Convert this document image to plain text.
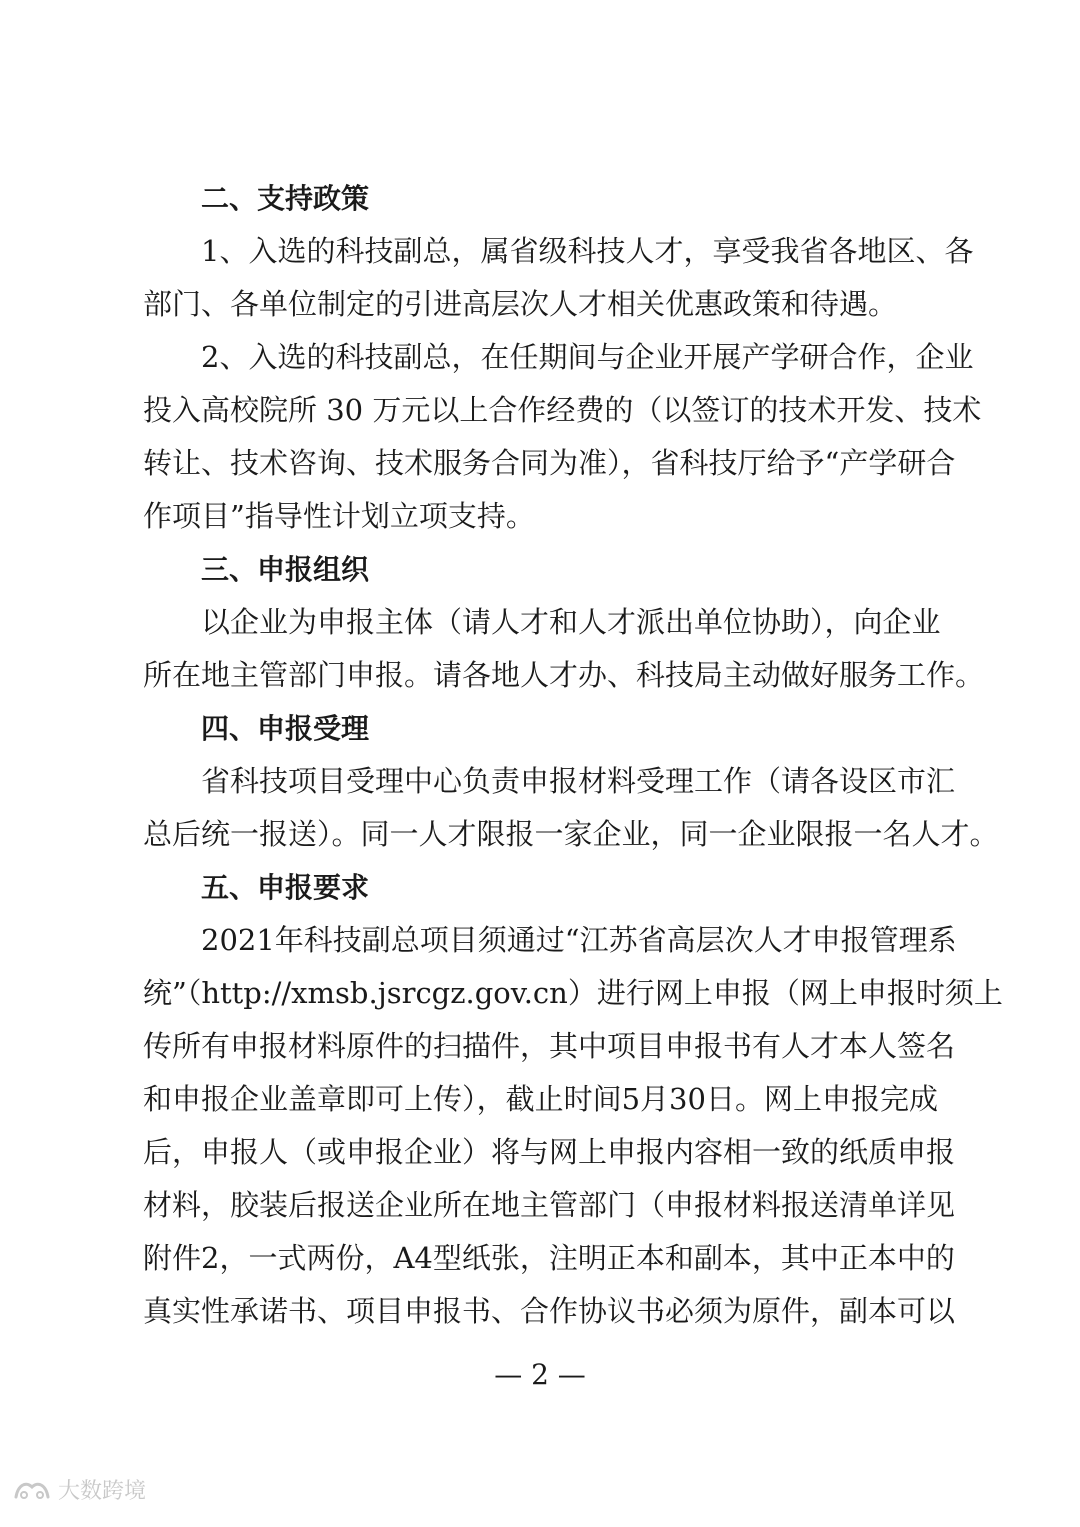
二、支持政策
1、入选的科技副总，属省级科技人才，享受我省各地区、各
部门、各单位制定的引进高层次人才相关优惠政策和待遇。
2、入选的科技副总，在任期间与企业开展产学研合作，企业
投入高校院所 30 万元以上合作经费的（以签订的技术开发、技术
转让、技术咨询、技术服务合同为准），省科技厅给予“产学研合
作项目”指导性计划立项支持。
三、申报组织
以企业为申报主体（请人才和人才派出单位协助），向企业
所在地主管部门申报。请各地人才办、科技局主动做好服务工作。
四、申报受理
省科技项目受理中心负责申报材料受理工作（请各设区市汇
总后统一报送）。同一人才限报一家企业，同一企业限报一名人才。
五、申报要求
2021年科技副总项目须通过“江苏省高层次人才申报管理系
统”（http://xmsb.jsrcgz.gov.cn）进行网上申报（网上申报时须上
传所有申报材料原件的扫描件，其中项目申报书有人才本人签名
和申报企业盖章即可上传），截止时间5月30日。网上申报完成
后，申报人（或申报企业）将与网上申报内容相一致的纸质申报
材料，胶装后报送企业所在地主管部门（申报材料报送清单详见
附件2，一式两份，A4型纸张，注明正本和副本，其中正本中的
真实性承诺书、项目申报书、合作协议书必须为原件，副本可以
— 2 —
大数跨境
